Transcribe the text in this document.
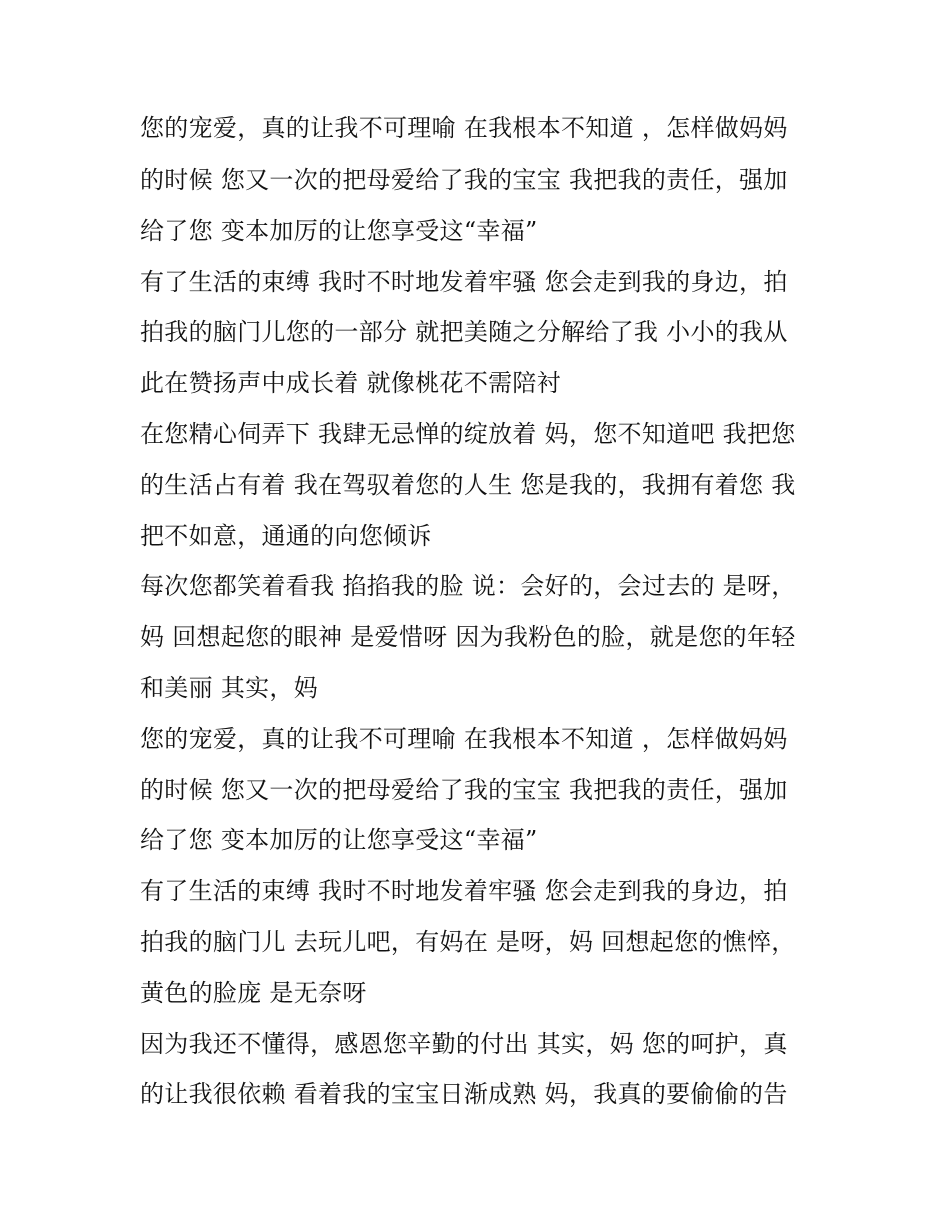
您的宠爱，真的让我不可理喻 在我根本不知道 ，怎样做妈妈
的时候 您又一次的把母爱给了我的宝宝 我把我的责任，强加
给了您 变本加厉的让您享受这“幸福”
有了生活的束缚 我时不时地发着牢骚 您会走到我的身边，拍
拍我的脑门儿您的一部分 就把美随之分解给了我 小小的我从
此在赞扬声中成长着 就像桃花不需陪衬
在您精心伺弄下 我肆无忌惮的绽放着 妈，您不知道吧 我把您
的生活占有着 我在驾驭着您的人生 您是我的，我拥有着您 我
把不如意，通通的向您倾诉
每次您都笑着看我 掐掐我的脸 说：会好的，会过去的 是呀，
妈 回想起您的眼神 是爱惜呀 因为我粉色的脸，就是您的年轻
和美丽 其实，妈
您的宠爱，真的让我不可理喻 在我根本不知道 ，怎样做妈妈
的时候 您又一次的把母爱给了我的宝宝 我把我的责任，强加
给了您 变本加厉的让您享受这“幸福”
有了生活的束缚 我时不时地发着牢骚 您会走到我的身边，拍
拍我的脑门儿 去玩儿吧，有妈在 是呀，妈 回想起您的憔悴，
黄色的脸庞 是无奈呀
因为我还不懂得，感恩您辛勤的付出 其实，妈 您的呵护，真
的让我很依赖 看着我的宝宝日渐成熟 妈，我真的要偷偷的告
